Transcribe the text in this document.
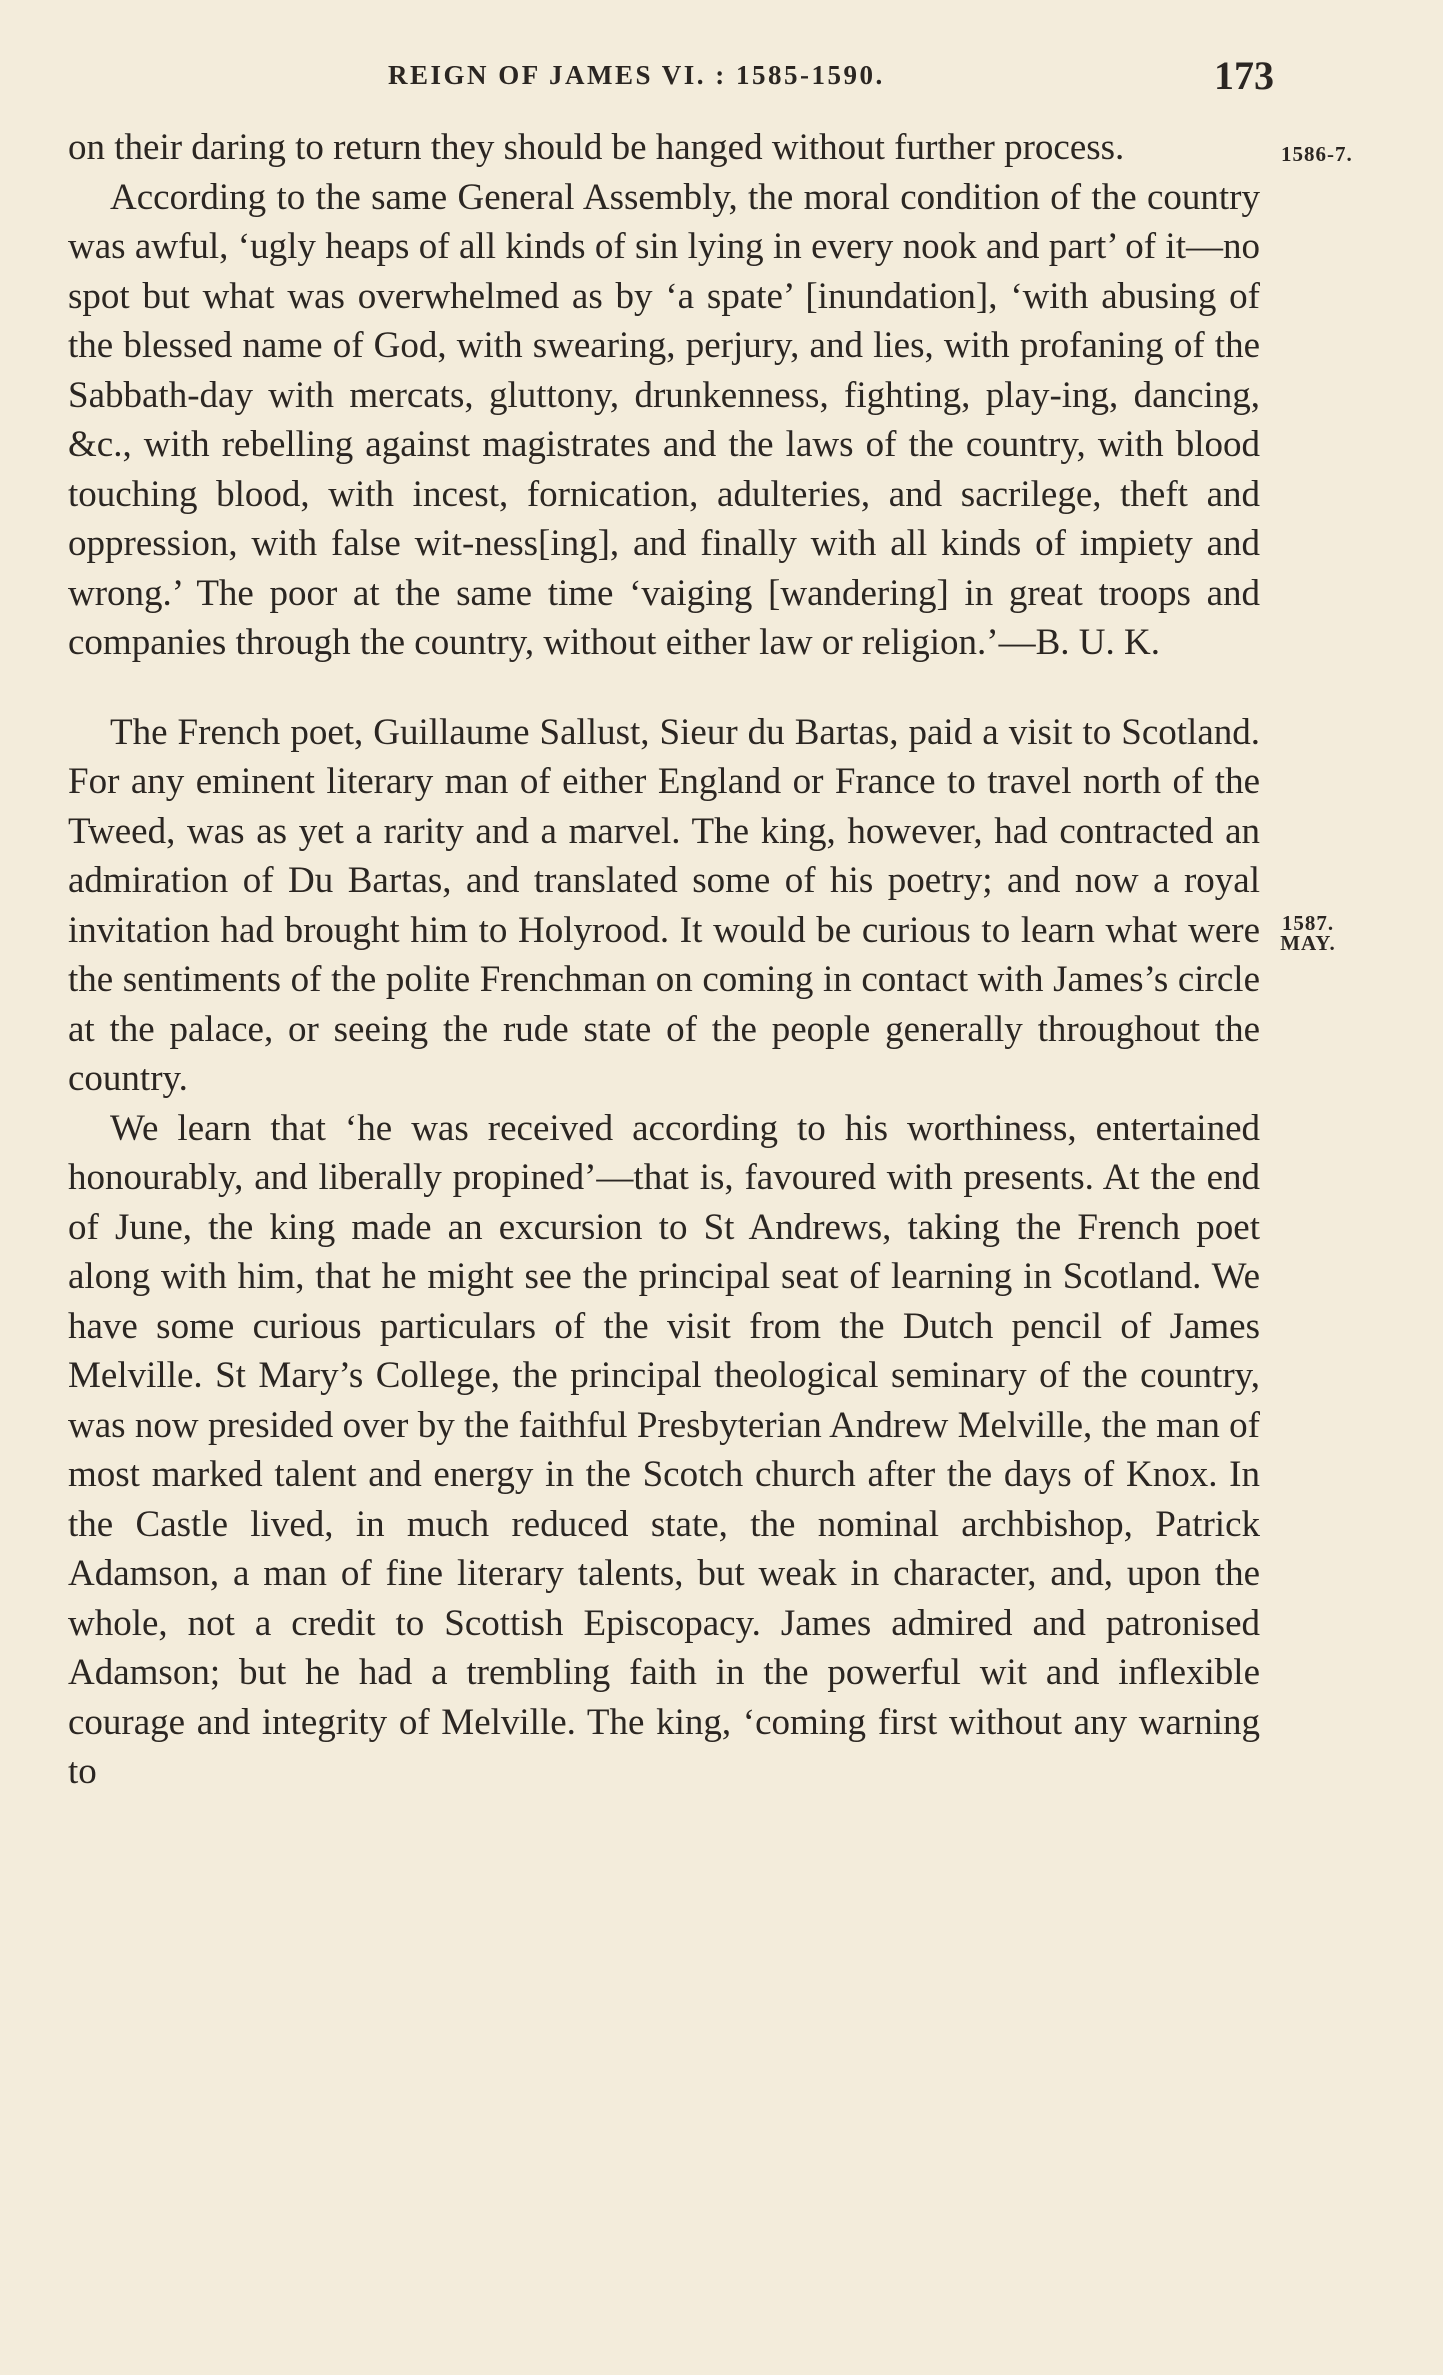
REIGN OF JAMES VI. : 1585-1590.	173
1586-7.
1587.
MAY.

on their daring to return they should be hanged without further process.

According to the same General Assembly, the moral condition of the country was awful, ‘ugly heaps of all kinds of sin lying in every nook and part’ of it—no spot but what was overwhelmed as by ‘a spate’ [inundation], ‘with abusing of the blessed name of God, with swearing, perjury, and lies, with profaning of the Sabbath-day with mercats, gluttony, drunkenness, fighting, play-ing, dancing, &c., with rebelling against magistrates and the laws of the country, with blood touching blood, with incest, fornication, adulteries, and sacrilege, theft and oppression, with false wit-ness[ing], and finally with all kinds of impiety and wrong.’ The poor at the same time ‘vaiging [wandering] in great troops and companies through the country, without either law or religion.’—B. U. K.

The French poet, Guillaume Sallust, Sieur du Bartas, paid a visit to Scotland. For any eminent literary man of either England or France to travel north of the Tweed, was as yet a rarity and a marvel. The king, however, had contracted an admiration of Du Bartas, and translated some of his poetry; and now a royal invitation had brought him to Holyrood. It would be curious to learn what were the sentiments of the polite Frenchman on coming in contact with James’s circle at the palace, or seeing the rude state of the people generally throughout the country.

We learn that ‘he was received according to his worthiness, entertained honourably, and liberally propined’—that is, favoured with presents. At the end of June, the king made an excursion to St Andrews, taking the French poet along with him, that he might see the principal seat of learning in Scotland. We have some curious particulars of the visit from the Dutch pencil of James Melville. St Mary’s College, the principal theological seminary of the country, was now presided over by the faithful Presbyterian Andrew Melville, the man of most marked talent and energy in the Scotch church after the days of Knox. In the Castle lived, in much reduced state, the nominal archbishop, Patrick Adamson, a man of fine literary talents, but weak in character, and, upon the whole, not a credit to Scottish Episcopacy. James admired and patronised Adamson; but he had a trembling faith in the powerful wit and inflexible courage and integrity of Melville. The king, ‘coming first without any warning to
